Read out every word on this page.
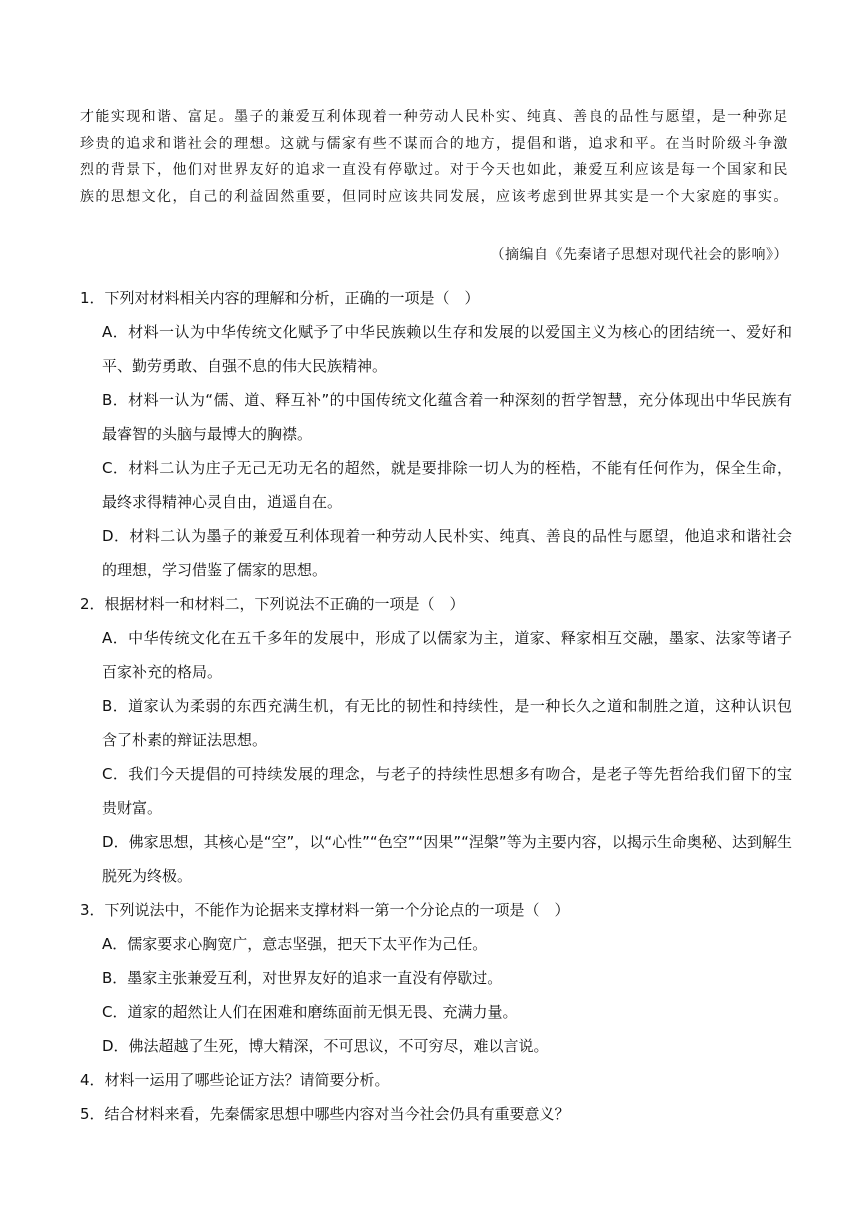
才能实现和谐、富足。墨子的兼爱互利体现着一种劳动人民朴实、纯真、善良的品性与愿望，是一种弥足
珍贵的追求和谐社会的理想。这就与儒家有些不谋而合的地方，提倡和谐，追求和平。在当时阶级斗争激
烈的背景下，他们对世界友好的追求一直没有停歇过。对于今天也如此，兼爱互利应该是每一个国家和民
族的思想文化，自己的利益固然重要，但同时应该共同发展，应该考虑到世界其实是一个大家庭的事实。
（摘编自《先秦诸子思想对现代社会的影响》）
1．下列对材料相关内容的理解和分析，正确的一项是（　）
A．材料一认为中华传统文化赋予了中华民族赖以生存和发展的以爱国主义为核心的团结统一、爱好和
平、勤劳勇敢、自强不息的伟大民族精神。
B．材料一认为“儒、道、释互补”的中国传统文化蕴含着一种深刻的哲学智慧，充分体现出中华民族有
最睿智的头脑与最博大的胸襟。
C．材料二认为庄子无己无功无名的超然，就是要排除一切人为的桎梏，不能有任何作为，保全生命，
最终求得精神心灵自由，逍遥自在。
D．材料二认为墨子的兼爱互利体现着一种劳动人民朴实、纯真、善良的品性与愿望，他追求和谐社会
的理想，学习借鉴了儒家的思想。
2．根据材料一和材料二，下列说法不正确的一项是（　）
A．中华传统文化在五千多年的发展中，形成了以儒家为主，道家、释家相互交融，墨家、法家等诸子
百家补充的格局。
B．道家认为柔弱的东西充满生机，有无比的韧性和持续性，是一种长久之道和制胜之道，这种认识包
含了朴素的辩证法思想。
C．我们今天提倡的可持续发展的理念，与老子的持续性思想多有吻合，是老子等先哲给我们留下的宝
贵财富。
D．佛家思想，其核心是“空”，以“心性”“色空”“因果”“涅槃”等为主要内容，以揭示生命奥秘、达到解生
脱死为终极。
3．下列说法中，不能作为论据来支撑材料一第一个分论点的一项是（　）
A．儒家要求心胸宽广，意志坚强，把天下太平作为己任。
B．墨家主张兼爱互利，对世界友好的追求一直没有停歇过。
C．道家的超然让人们在困难和磨练面前无惧无畏、充满力量。
D．佛法超越了生死，博大精深，不可思议，不可穷尽，难以言说。
4．材料一运用了哪些论证方法？请简要分析。
5．结合材料来看，先秦儒家思想中哪些内容对当今社会仍具有重要意义？
